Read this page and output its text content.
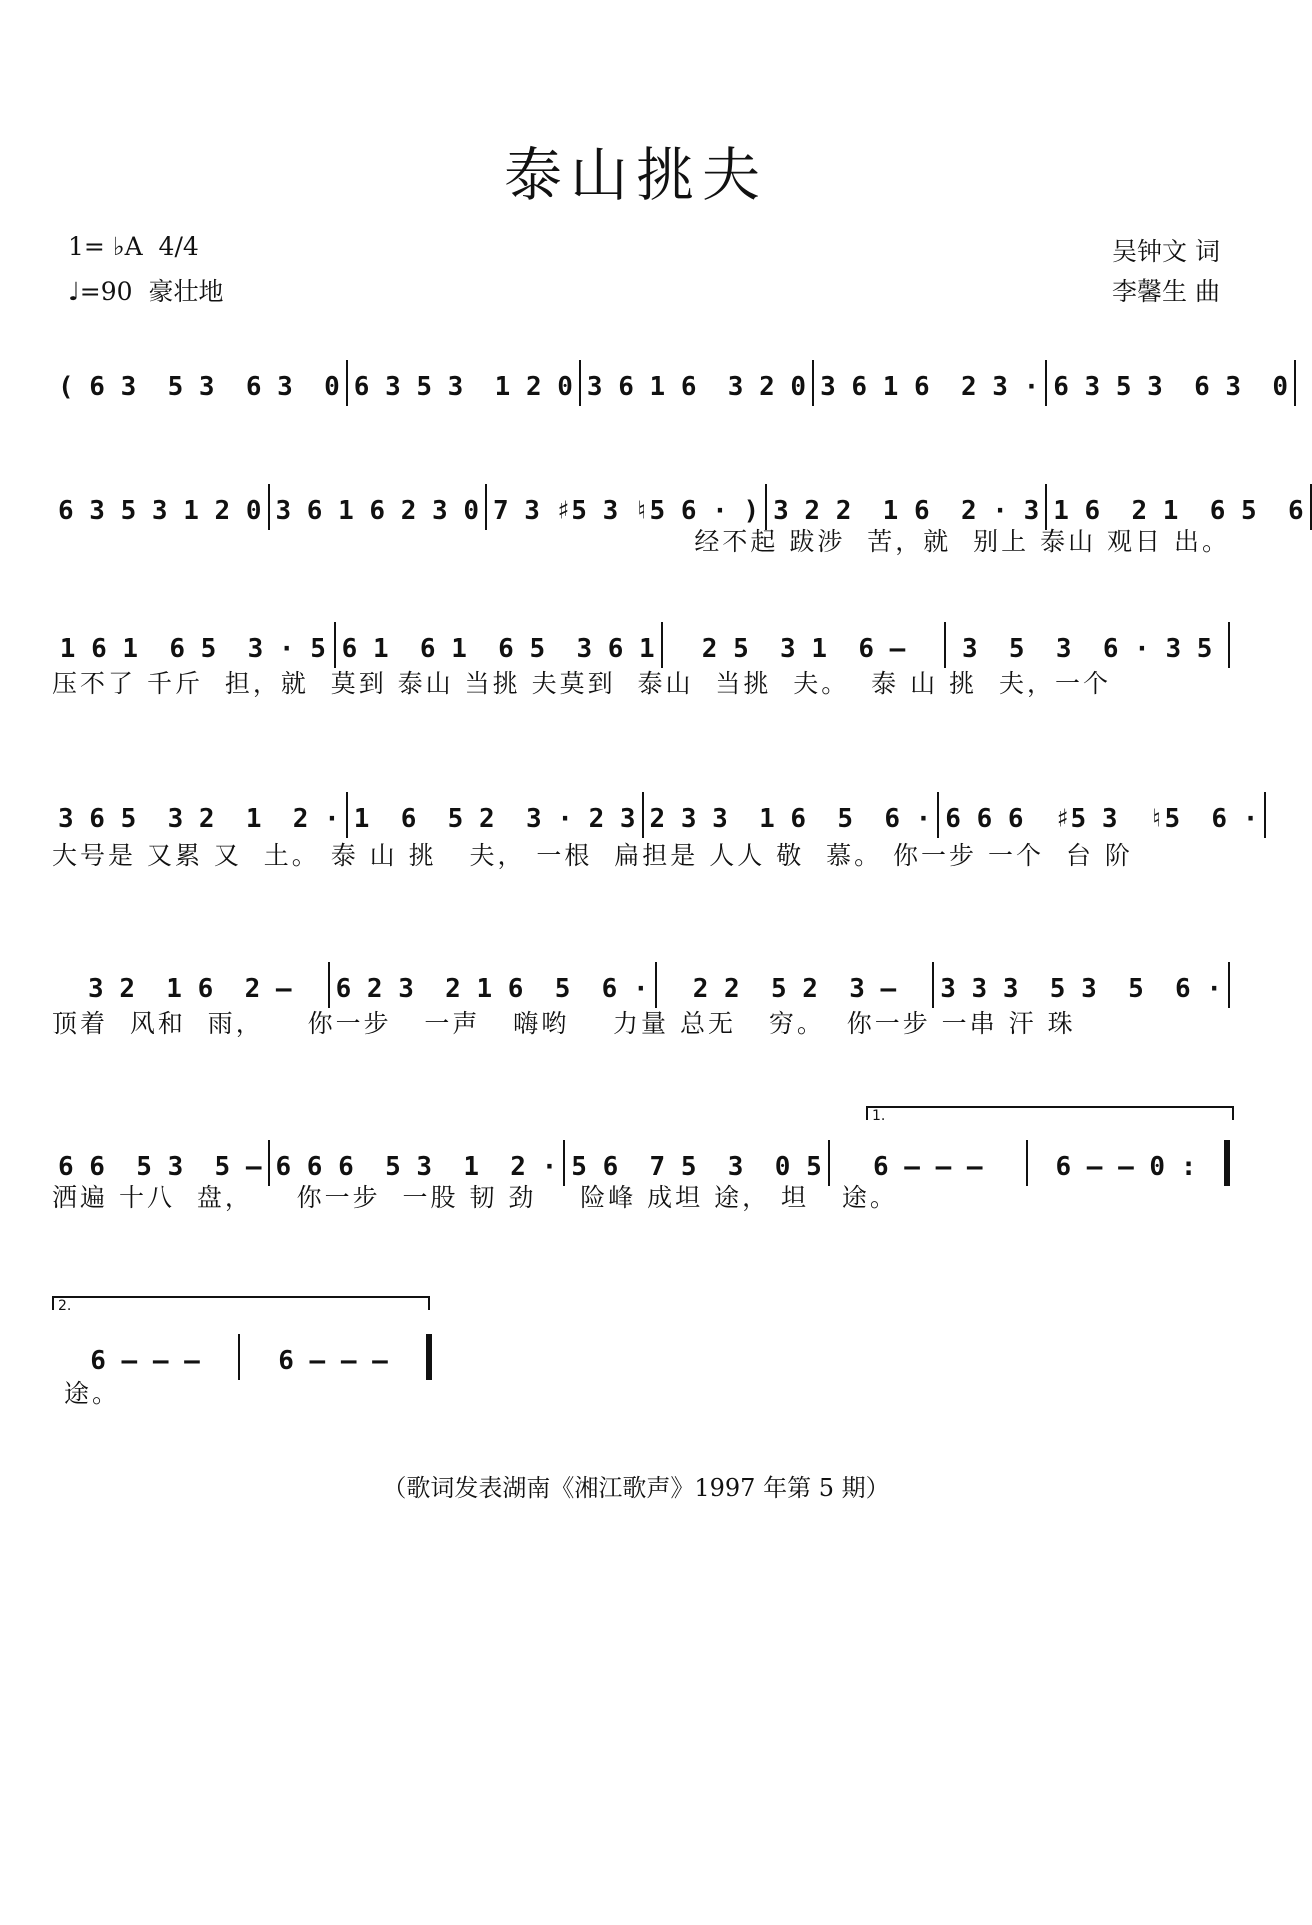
泰山挑夫
1= ♭A  4/4
♩=90  豪壮地
吴钟文 词
李馨生 曲
( 6 3  5 3  6 3  0 6 3 5 3  1 2 0 3 6 1 6  3 2 0 3 6 1 6  2 3 · 6 3 5 3  6 3  0
6 3 5 3 1 2 0 3 6 1 6 2 3 0 7 3 ♯5 3 ♮5 6 · ) 3 2 2  1 6  2 · 3 1 6  2 1  6 5  6
经不起 跋涉  苦，就  别上 泰山 观日 出。
1 6 1  6 5  3 · 5 6 1  6 1  6 5  3 6 1	2 5  3 1  6 –	3  5  3  6 · 3 5
压不了 千斤  担，就  莫到 泰山 当挑 夫莫到  泰山  当挑  夫。  泰 山 挑  夫，一个
3 6 5  3 2  1  2 · 1  6  5 2  3 · 2 3 2 3 3  1 6  5  6 · 6 6 6  ♯5 3  ♮5  6 ·
大号是 又累 又  土。 泰 山 挑   夫， 一根  扁担是 人人 敬  慕。 你一步 一个  台 阶
3 2  1 6  2 –	6 2 3  2 1 6  5  6 ·	2 2  5 2  3 –	3 3 3  5 3  5  6 ·
顶着  风和  雨，    你一步   一声   嗨哟    力量 总无   穷。  你一步 一串 汗 珠
6 6  5 3  5 – 6 6 6  5 3  1  2 · 5 6  7 5  3  0 5	6 – – –	6 – – 0 :
洒遍 十八  盘，    你一步  一股 韧 劲    险峰 成坦 途， 坦   途。
6 – – –	6 – – –
途。
1.
2.
（歌词发表湖南《湘江歌声》1997 年第 5 期）
